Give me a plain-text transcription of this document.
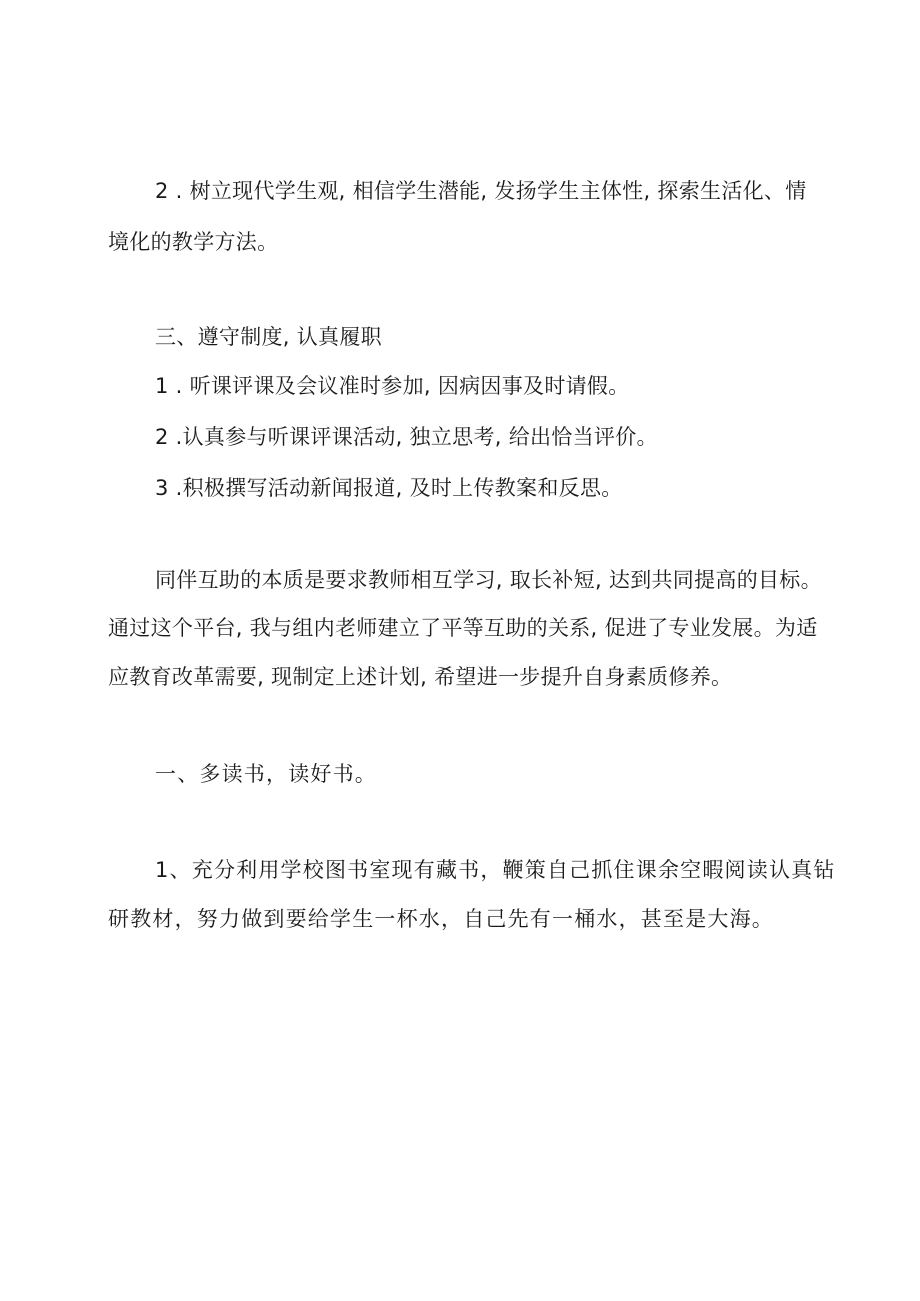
2 . 树立现代学生观, 相信学生潜能, 发扬学生主体性, 探索生活化、情
境化的教学方法。
三、遵守制度, 认真履职
1 . 听课评课及会议准时参加, 因病因事及时请假。
2 .认真参与听课评课活动, 独立思考, 给出恰当评价。
3 .积极撰写活动新闻报道, 及时上传教案和反思。
同伴互助的本质是要求教师相互学习, 取长补短, 达到共同提高的目标。
通过这个平台, 我与组内老师建立了平等互助的关系, 促进了专业发展。为适
应教育改革需要, 现制定上述计划, 希望进一步提升自身素质修养。
一、多读书，读好书。
1、充分利用学校图书室现有藏书，鞭策自己抓住课余空暇阅读认真钻
研教材，努力做到要给学生一杯水，自己先有一桶水，甚至是大海。
